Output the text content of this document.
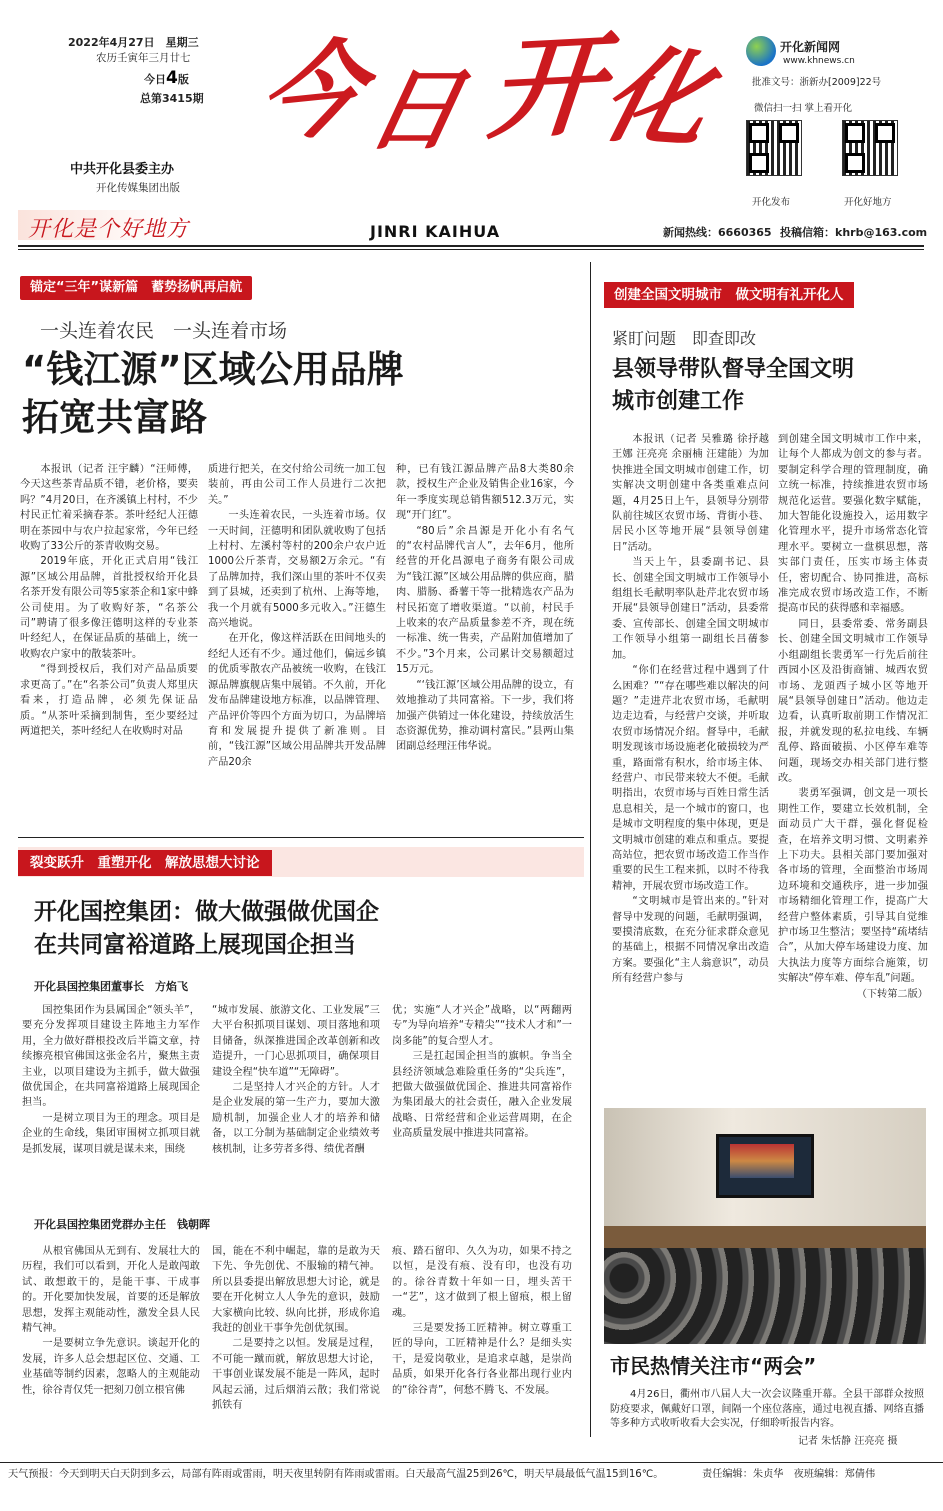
2022年4月27日　星期三
农历壬寅年三月廿七
今日4版
总第3415期 今
日 开
化
JINRI KAIHUA
中共开化县委主办
开化传媒集团出版
开化是个好地方
开化新闻网
www.khnews.cn
批准文号：浙新办[2009]22号
微信扫一扫 掌上看开化
开化发布	开化好地方
新闻热线：6660365 投稿信箱：khrb@163.com
锚定“三年”谋新篇　蓄势扬帆再启航
一头连着农民　一头连着市场
“钱江源”区域公用品牌
拓宽共富路

本报讯（记者 汪宇麟）“汪师傅，今天这些茶青品质不错，老价格，要卖吗？”4月20日，在齐溪镇上村村，不少村民正忙着采摘春茶。茶叶经纪人汪德明在茶园中与农户拉起家常，今年已经收购了33公斤的茶青收购交易。

2019年底，开化正式启用“钱江源”区域公用品牌，首批授权给开化县名茶开发有限公司等5家茶企和1家中蜂公司使用。为了收购好茶，“名茶公司”聘请了很多像汪德明这样的专业茶叶经纪人，在保证品质的基础上，统一收购农户家中的散装茶叶。

“得到授权后，我们对产品品质要求更高了。”在“名茶公司”负责人郑里庆看来，打造品牌，必须先保证品质。“从茶叶采摘到制售，至少要经过两道把关，茶叶经纪人在收购时对品

质进行把关，在交付给公司统一加工包装前，再由公司工作人员进行二次把关。”

一头连着农民，一头连着市场。仅一天时间，汪德明和团队就收购了包括上村村、左溪村等村的200余户农户近1000公斤茶青，交易额2万余元。“有了品牌加持，我们深山里的茶叶不仅卖到了县城，还卖到了杭州、上海等地，我一个月就有5000多元收入。”汪德生高兴地说。

在开化，像这样活跃在田间地头的经纪人还有不少。通过他们，偏远乡镇的优质零散农产品被统一收购，在钱江源品牌旗舰店集中展销。不久前，开化发布品牌建设地方标准，以品牌管理、产品评价等四个方面为切口，为品牌培育和发展提升提供了新准则。目前，“钱江源”区域公用品牌共开发品牌产品20余

种，已有钱江源品牌产品8大类80余款，授权生产企业及销售企业16家，今年一季度实现总销售额512.3万元，实现“开门红”。

“80后”余昌源是开化小有名气的“农村品牌代言人”，去年6月，他所经营的开化昌源电子商务有限公司成为“钱江源”区域公用品牌的供应商，腊肉、腊肠、番薯干等一批精选农产品为村民拓宽了增收渠道。“以前，村民手上收来的农产品质量参差不齐，现在统一标准、统一售卖，产品附加值增加了不少。”3个月来，公司累计交易额超过15万元。

“‘钱江源’区域公用品牌的设立，有效地推动了共同富裕。下一步，我们将加强产供销过一体化建设，持续放活生态资源优势，推动调村富民。”县两山集团副总经理汪伟华说。

创建全国文明城市　做文明有礼开化人
紧盯问题　即查即改
县领导带队督导全国文明
城市创建工作

本报讯（记者 吴雅璐 徐抒越 王娜 汪亮亮 余丽楠 汪建能）为加快推进全国文明城市创建工作，切实解决文明创建中各类重难点问题，4月25日上午，县领导分别带队前往城区农贸市场、背街小巷、居民小区等地开展“县领导创建日”活动。

当天上午，县委副书记、县长、创建全国文明城市工作领导小组组长毛献明率队赴芹北农贸市场开展“县领导创建日”活动，县委常委、宣传部长、创建全国文明城市工作领导小组第一副组长吕蒨参加。

“你们在经营过程中遇到了什么困难？”“存在哪些难以解决的问题？”走进芹北农贸市场，毛献明边走边看，与经营户交谈，并听取农贸市场情况介绍。督导中，毛献明发现该市场设施老化破损较为严重，路面常有积水，给市场主体、经营户、市民带来较大不便。毛献明指出，农贸市场与百姓日常生活息息相关，是一个城市的窗口，也是城市文明程度的集中体现，更是文明城市创建的难点和重点。要提高站位，把农贸市场改造工作当作重要的民生工程来抓，以时不待我精神，开展农贸市场改造工作。

“文明城市是管出来的。”针对督导中发现的问题，毛献明强调，要摸清底数，在充分征求群众意见的基础上，根据不同情况拿出改造方案。要强化“主人翁意识”，动员所有经营户参与

到创建全国文明城市工作中来，让每个人都成为创文的参与者。要制定科学合理的管理制度，确立统一标准，持续推进农贸市场规范化运营。要强化数字赋能，加大智能化设施投入，运用数字化管理水平，提升市场常态化管理水平。要树立一盘棋思想，落实部门责任，压实市场主体责任，密切配合、协同推进，高标准完成农贸市场改造工作，不断提高市民的获得感和幸福感。

同日，县委常委、常务副县长、创建全国文明城市工作领导小组副组长裴勇军一行先后前往西园小区及沿街商铺、城西农贸市场、龙頭西子城小区等地开展“县领导创建日”活动。他边走边看，认真听取前期工作情况汇报，并就发现的私拉电线、车辆乱停、路面破损、小区停车难等问题，现场交办相关部门进行整改。

裴勇军强调，创文是一项长期性工作，要建立长效机制，全面动员广大干群，强化督促检查，在培养文明习惯、文明素养上下功夫。县相关部门要加强对各市场的管理，全面整治市场周边环境和交通秩序，进一步加强市场精细化管理工作，提高广大经营户整体素质，引导其自觉维护市场卫生整洁；要坚持“疏堵结合”，从加大停车场建设力度、加大执法力度等方面综合施策，切实解决“停车难、停车乱”问题。

（下转第二版）

市民热情关注市“两会”
4月26日，衢州市八届人大一次会议隆重开幕。全县干部群众按照防疫要求，佩戴好口罩，间隔一个座位落座，通过电视直播、网络直播等多种方式收听收看大会实况，仔细聆听报告内容。
记者 朱恬静 汪亮亮 摄
裂变跃升　重塑开化　解放思想大讨论
开化国控集团：做大做强做优国企
在共同富裕道路上展现国企担当
开化县国控集团董事长　方焰飞

国控集团作为县属国企“领头羊”，要充分发挥项目建设主阵地主力军作用，全力做好群根投改后半篇文章，持续擦亮根官佛国这张金名片，聚焦主责主业，以项目建设为主抓手，做大做强做优国企，在共同富裕道路上展现国企担当。

一是树立项目为王的理念。项目是企业的生命线，集团审围树立抓项目就是抓发展，谋项目就是谋未来，围绕

“城市发展、旅游文化、工业发展”三大平台积抓项目谋划、项目落地和项目储备，纵深推进国企改革创新和改造提升，一门心思抓项目，确保项目建设全程“快车道”“无障碍”。

二是坚持人才兴企的方针。人才是企业发展的第一生产力，要加大激励机制，加强企业人才的培养和储备，以工分制为基础制定企业绩效考核机制，让多劳者多得、绩优者酬

优；实施“人才兴企”战略，以“两翻两专”为导向培养“专精尖”“技术人才和”一岗多能”的复合型人才。

三是扛起国企担当的旗帜。争当全县经济领域急难险重任务的“尖兵连”，把做大做强做优国企、推进共同富裕作为集团最大的社会责任，融入企业发展战略、日常经营和企业运营周期，在企业高质量发展中推进共同富裕。

开化县国控集团党群办主任　钱朝晖

从根官佛国从无到有、发展壮大的历程，我们可以看到，开化人是敢闯敢试、敢想敢干的，是能干事、干成事的。开化要加快发展，首要的还是解放思想，发挥主观能动性，激发全县人民精气神。

一是要树立争先意识。谈起开化的发展，许多人总会想起区位、交通、工业基础等制约因素，忽略人的主观能动性，徐谷青仅凭一把刻刀创立根官佛

国，能在不利中崛起，靠的是敢为天下先、争先创优、不服输的精气神。所以县委提出解放思想大讨论，就是要在开化树立人人争先的意识，鼓励大家横向比较、纵向比拼，形成你追我赶的创业干事争先创优氛围。

二是要持之以恒。发展是过程，不可能一蹴而就，解放思想大讨论，干事创业谋发展不能是一阵风，起时风起云涌，过后烟消云散；我们常说抓铁有

痕、踏石留印、久久为功，如果不持之以恒，是没有痕、没有印，也没有功的。徐谷青数十年如一日，埋头苦干一“艺”，这才做到了根上留痕，根上留魂。

三是要发扬工匠精神。树立尊重工匠的导向，工匠精神是什么？是细头实干，是爱岗敬业，是追求卓越，是崇尚品质，如果开化各行各业都出现行业内的“徐谷青”，何愁不腾飞、不发展。

天气预报：今天到明天白天阴到多云，局部有阵雨或雷雨，明天夜里转阴有阵雨或雷雨。白天最高气温25到26℃，明天早晨最低气温15到16℃。	责任编辑：朱贞华　夜班编辑：郑倩伟
